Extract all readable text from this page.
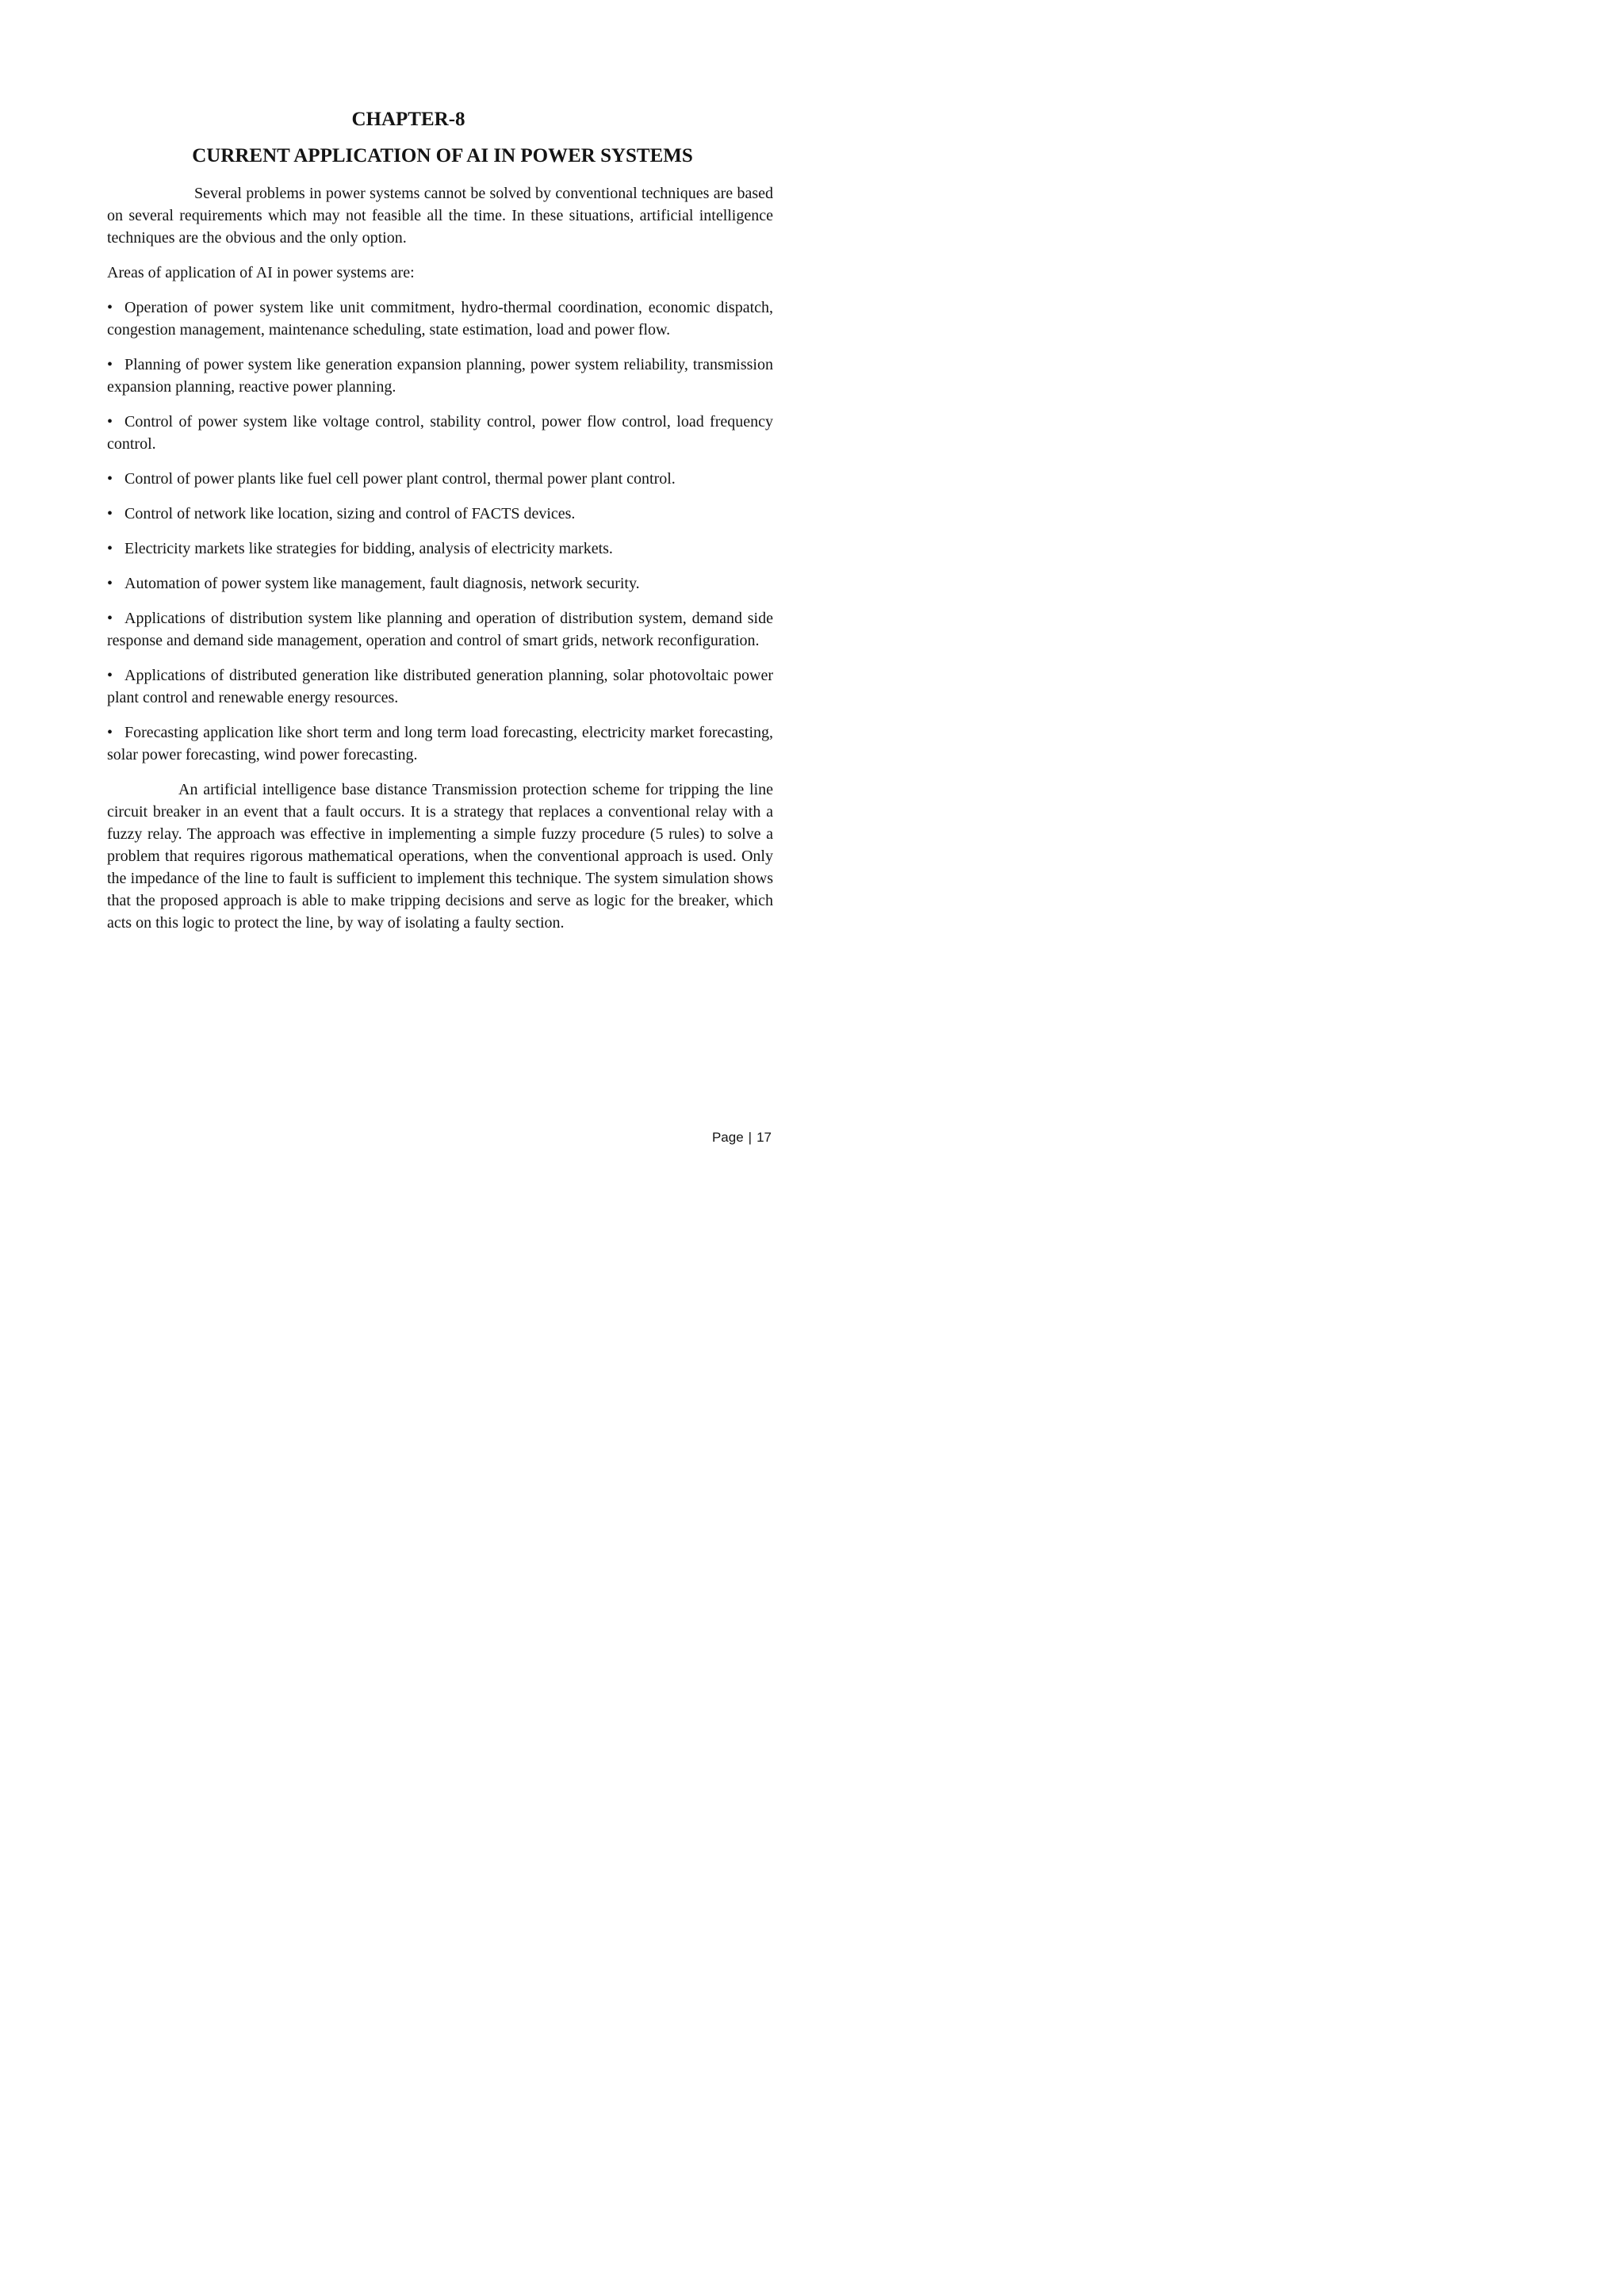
CHAPTER-8
CURRENT APPLICATION OF AI IN POWER SYSTEMS

Several problems in power systems cannot be solved by conventional techniques are based on several requirements which may not feasible all the time. In these situations, artificial intelligence techniques are the obvious and the only option.

Areas of application of AI in power systems are:

• Operation of power system like unit commitment, hydro-thermal coordination, economic dispatch, congestion management, maintenance scheduling, state estimation, load and power flow.

• Planning of power system like generation expansion planning, power system reliability, transmission expansion planning, reactive power planning.

• Control of power system like voltage control, stability control, power flow control, load frequency control.

• Control of power plants like fuel cell power plant control, thermal power plant control.

• Control of network like location, sizing and control of FACTS devices.

• Electricity markets like strategies for bidding, analysis of electricity markets.

• Automation of power system like management, fault diagnosis, network security.

• Applications of distribution system like planning and operation of distribution system, demand side response and demand side management, operation and control of smart grids, network reconfiguration.

• Applications of distributed generation like distributed generation planning, solar photovoltaic power plant control and renewable energy resources.

• Forecasting application like short term and long term load forecasting, electricity market forecasting, solar power forecasting, wind power forecasting.

An artificial intelligence base distance Transmission protection scheme for tripping the line circuit breaker in an event that a fault occurs. It is a strategy that replaces a conventional relay with a fuzzy relay. The approach was effective in implementing a simple fuzzy procedure (5 rules) to solve a problem that requires rigorous mathematical operations, when the conventional approach is used. Only the impedance of the line to fault is sufficient to implement this technique. The system simulation shows that the proposed approach is able to make tripping decisions and serve as logic for the breaker, which acts on this logic to protect the line, by way of isolating a faulty section.

Page | 17
